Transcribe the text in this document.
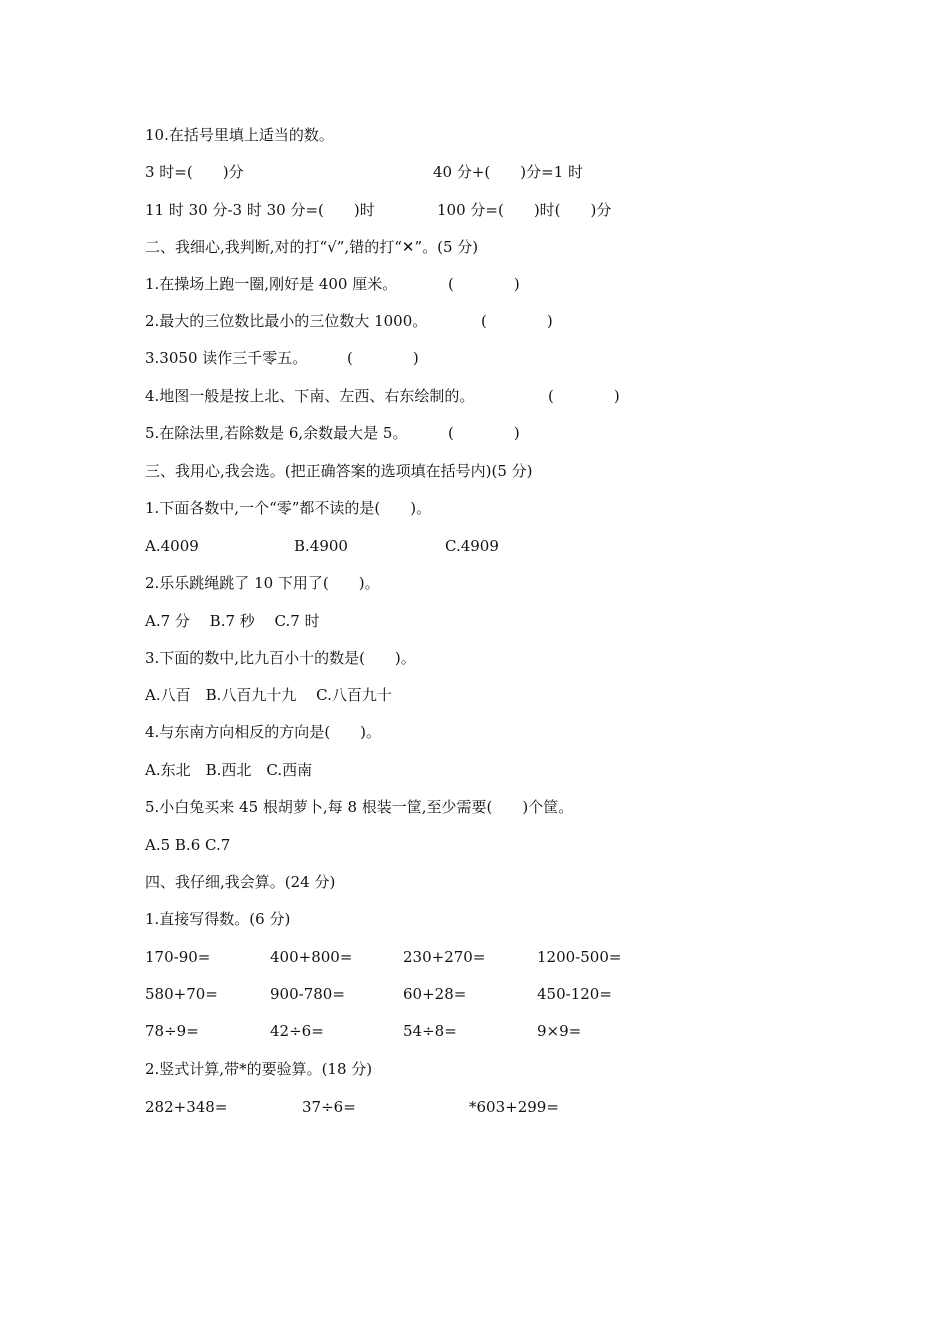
10.在括号里填上适当的数。
3 时=(　　)分	40 分+(　　)分=1 时
11 时 30 分-3 时 30 分=(　　)时	100 分=(　　)时(　　)分
二、我细心,我判断,对的打“√”,错的打“✕”。(5 分)
1.在操场上跑一圈,刚好是 400 厘米。	(　　　　)
2.最大的三位数比最小的三位数大 1000。	(　　　　)
3.3050 读作三千零五。	(　　　　)
4.地图一般是按上北、下南、左西、右东绘制的。	(　　　　)
5.在除法里,若除数是 6,余数最大是 5。	(　　　　)
三、我用心,我会选。(把正确答案的选项填在括号内)(5 分)
1.下面各数中,一个“零”都不读的是(　　)。
A.4009	B.4900	C.4909
2.乐乐跳绳跳了 10 下用了(　　)。
A.7 分　 B.7 秒　 C.7 时
3.下面的数中,比九百小十的数是(　　)。
A.八百　B.八百九十九　 C.八百九十
4.与东南方向相反的方向是(　　)。
A.东北　B.西北　C.西南
5.小白兔买来 45 根胡萝卜,每 8 根装一筐,至少需要(　　)个筐。
A.5 B.6 C.7
四、我仔细,我会算。(24 分)
1.直接写得数。(6 分)
170-90=	400+800=	230+270=	1200-500=
580+70=	900-780=	60+28=	450-120=
78÷9=	42÷6=	54÷8=	9×9=
2.竖式计算,带*的要验算。(18 分)
282+348=	37÷6=	*603+299=
